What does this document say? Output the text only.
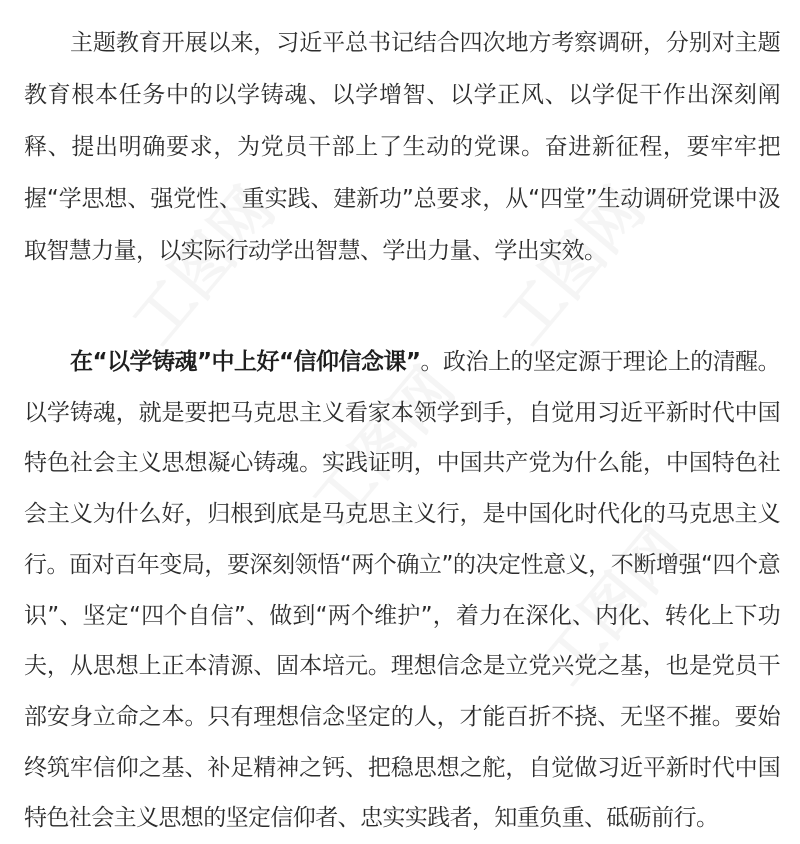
主题教育开展以来，习近平总书记结合四次地方考察调研，分别对主题教育根本任务中的以学铸魂、以学增智、以学正风、以学促干作出深刻阐释、提出明确要求，为党员干部上了生动的党课。奋进新征程，要牢牢把握“学思想、强党性、重实践、建新功”总要求，从“四堂”生动调研党课中汲取智慧力量，以实际行动学出智慧、学出力量、学出实效。

在“以学铸魂”中上好“信仰信念课”。政治上的坚定源于理论上的清醒。以学铸魂，就是要把马克思主义看家本领学到手，自觉用习近平新时代中国特色社会主义思想凝心铸魂。实践证明，中国共产党为什么能，中国特色社会主义为什么好，归根到底是马克思主义行，是中国化时代化的马克思主义行。面对百年变局，要深刻领悟“两个确立”的决定性意义，不断增强“四个意识”、坚定“四个自信”、做到“两个维护”，着力在深化、内化、转化上下功夫，从思想上正本清源、固本培元。理想信念是立党兴党之基，也是党员干部安身立命之本。只有理想信念坚定的人，才能百折不挠、无坚不摧。要始终筑牢信仰之基、补足精神之钙、把稳思想之舵，自觉做习近平新时代中国特色社会主义思想的坚定信仰者、忠实实践者，知重负重、砥砺前行。
